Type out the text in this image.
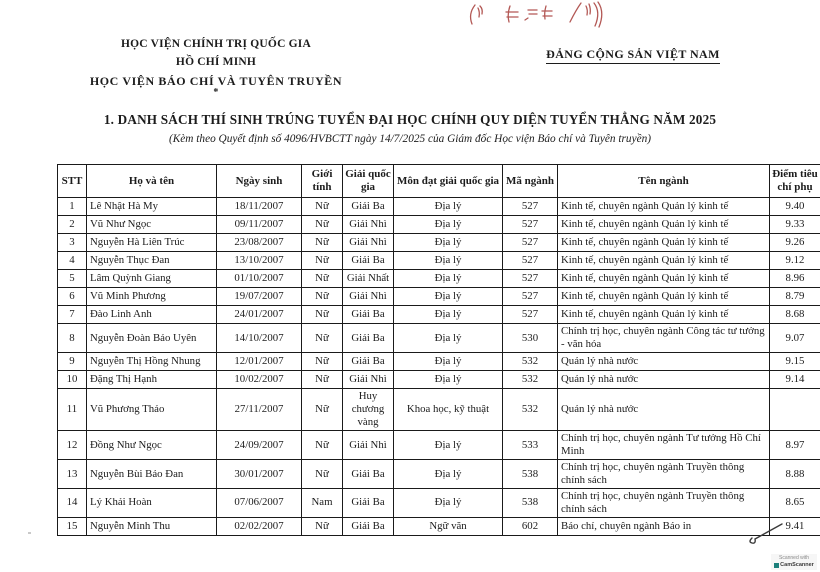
HỌC VIỆN CHÍNH TRỊ QUỐC GIA
HỒ CHÍ MINH
HỌC VIỆN BÁO CHÍ VÀ TUYÊN TRUYỀN
*
ĐẢNG CỘNG SẢN VIỆT NAM
1. DANH SÁCH THÍ SINH TRÚNG TUYỂN ĐẠI HỌC CHÍNH QUY DIỆN TUYỂN THẲNG NĂM 2025
(Kèm theo Quyết định số 4096/HVBCTT ngày 14/7/2025 của Giám đốc Học viện Báo chí và Tuyên truyền)
STT	Họ và tên	Ngày sinh	Giới tính	Giải quốc gia	Môn đạt giải quốc gia	Mã ngành	Tên ngành	Điểm tiêu chí phụ
1	Lê Nhật Hà My	18/11/2007	Nữ	Giải Ba	Địa lý	527	Kinh tế, chuyên ngành Quản lý kinh tế	9.40
2	Vũ Như Ngọc	09/11/2007	Nữ	Giải Nhì	Địa lý	527	Kinh tế, chuyên ngành Quản lý kinh tế	9.33
3	Nguyễn Hà Liên Trúc	23/08/2007	Nữ	Giải Nhì	Địa lý	527	Kinh tế, chuyên ngành Quản lý kinh tế	9.26
4	Nguyễn Thục Đan	13/10/2007	Nữ	Giải Ba	Địa lý	527	Kinh tế, chuyên ngành Quản lý kinh tế	9.12
5	Lâm Quỳnh Giang	01/10/2007	Nữ	Giải Nhất	Địa lý	527	Kinh tế, chuyên ngành Quản lý kinh tế	8.96
6	Vũ Minh Phương	19/07/2007	Nữ	Giải Nhì	Địa lý	527	Kinh tế, chuyên ngành Quản lý kinh tế	8.79
7	Đào Linh Anh	24/01/2007	Nữ	Giải Ba	Địa lý	527	Kinh tế, chuyên ngành Quản lý kinh tế	8.68
8	Nguyễn Đoàn Bảo Uyên	14/10/2007	Nữ	Giải Ba	Địa lý	530	Chính trị học, chuyên ngành Công tác tư tưởng - văn hóa	9.07
9	Nguyễn Thị Hồng Nhung	12/01/2007	Nữ	Giải Ba	Địa lý	532	Quản lý nhà nước	9.15
10	Đặng Thị Hạnh	10/02/2007	Nữ	Giải Nhì	Địa lý	532	Quản lý nhà nước	9.14
11	Vũ Phương Thảo	27/11/2007	Nữ	Huy chương vàng	Khoa học, kỹ thuật	532	Quản lý nhà nước	
12	Đồng Như Ngọc	24/09/2007	Nữ	Giải Nhì	Địa lý	533	Chính trị học, chuyên ngành Tư tưởng Hồ Chí Minh	8.97
13	Nguyễn Bùi Bảo Đan	30/01/2007	Nữ	Giải Ba	Địa lý	538	Chính trị học, chuyên ngành Truyền thông chính sách	8.88
14	Lý Khải Hoàn	07/06/2007	Nam	Giải Ba	Địa lý	538	Chính trị học, chuyên ngành Truyền thông chính sách	8.65
15	Nguyễn Minh Thu	02/02/2007	Nữ	Giải Ba	Ngữ văn	602	Báo chí, chuyên ngành Báo in	9.41
Scanned with
CamScanner
